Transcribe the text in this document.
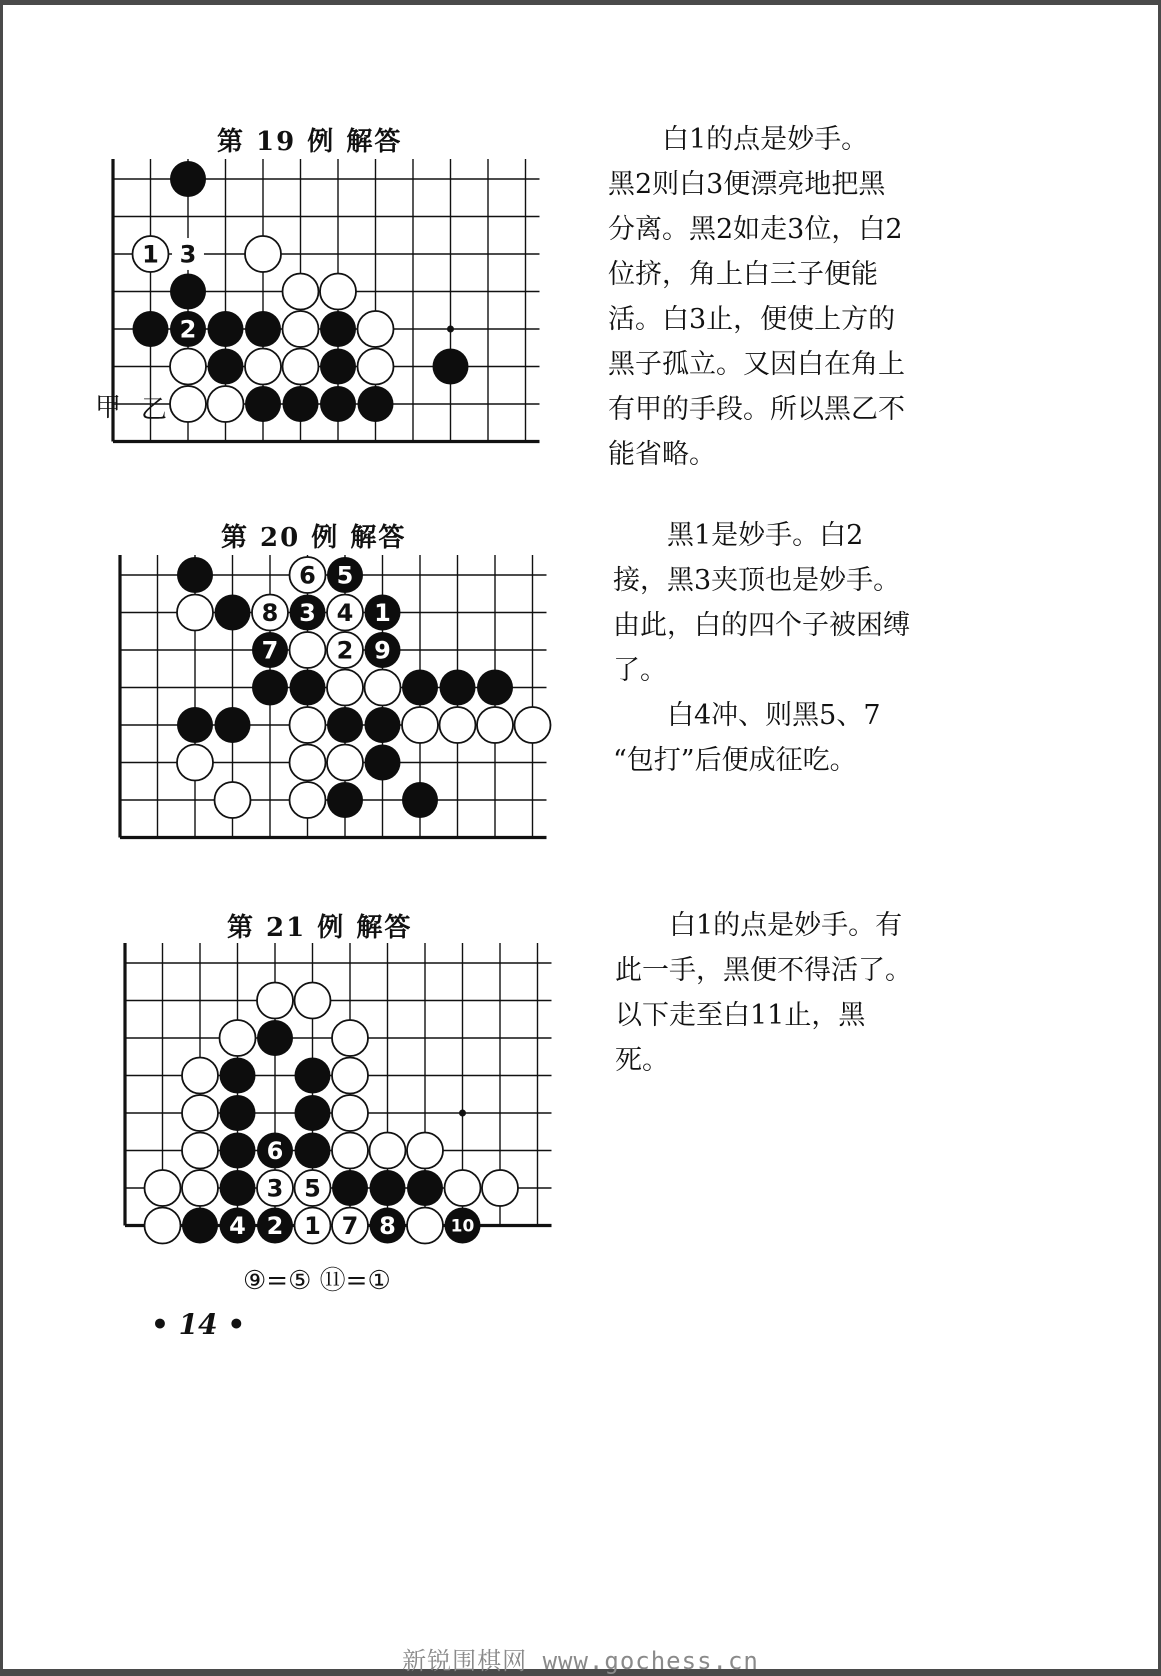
第 19 例 解答
1 3
2
甲 乙

白1的点是妙手。

黑2则白3便漂亮地把黑分离。黑2如走3位，白2位挤，角上白三子便能活。白3止，便使上方的黑子孤立。又因白在角上有甲的手段。所以黑乙不能省略。

第 20 例 解答
6 5
8 3 4 1
7 2 9

黑1是妙手。白2接，黑3夹顶也是妙手。由此，白的四个子被困缚了。

白4冲、则黑5、7 “包打”后便成征吃。

第 21 例 解答
6
3 5
4 2 1 7 8	10
⑨=⑤ ⑪=①

白1的点是妙手。有此一手，黑便不得活了。以下走至白11止，黑死。

• 14 •
新锐围棋网 www.gochess.cn
